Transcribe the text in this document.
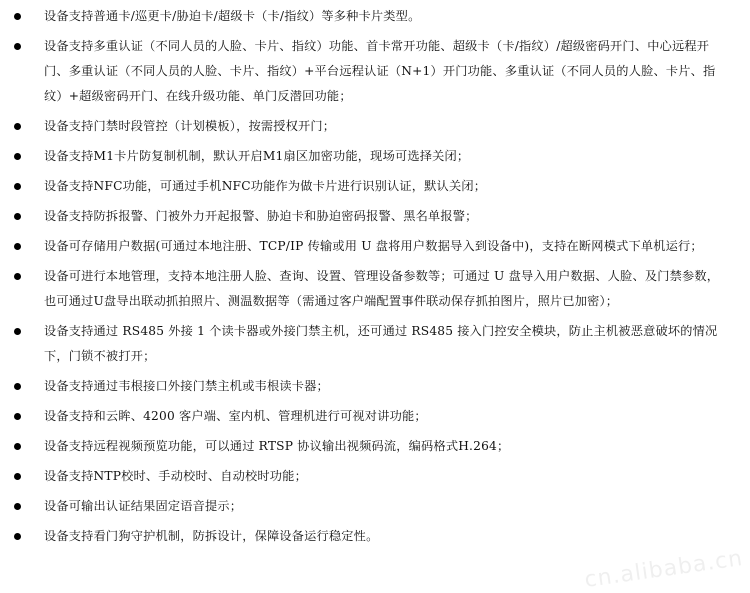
设备支持普通卡/巡更卡/胁迫卡/超级卡（卡/指纹）等多种卡片类型。
设备支持多重认证（不同人员的人脸、卡片、指纹）功能、首卡常开功能、超级卡（卡/指纹）/超级密码开门、中心远程开门、多重认证（不同人员的人脸、卡片、指纹）+平台远程认证（N+1）开门功能、多重认证（不同人员的人脸、卡片、指纹）+超级密码开门、在线升级功能、单门反潜回功能；
设备支持门禁时段管控（计划模板），按需授权开门；
设备支持M1卡片防复制机制，默认开启M1扇区加密功能，现场可选择关闭；
设备支持NFC功能，可通过手机NFC功能作为做卡片进行识别认证，默认关闭；
设备支持防拆报警、门被外力开起报警、胁迫卡和胁迫密码报警、黑名单报警；
设备可存储用户数据(可通过本地注册、TCP/IP 传输或用 U 盘将用户数据导入到设备中)，支持在断网模式下单机运行；
设备可进行本地管理，支持本地注册人脸、查询、设置、管理设备参数等；可通过 U 盘导入用户数据、人脸、及门禁参数，也可通过U盘导出联动抓拍照片、测温数据等（需通过客户端配置事件联动保存抓拍图片，照片已加密）；
设备支持通过 RS485 外接 1 个读卡器或外接门禁主机，还可通过 RS485 接入门控安全模块，防止主机被恶意破坏的情况下，门锁不被打开；
设备支持通过韦根接口外接门禁主机或韦根读卡器；
设备支持和云眸、4200 客户端、室内机、管理机进行可视对讲功能；
设备支持远程视频预览功能，可以通过 RTSP 协议输出视频码流，编码格式H.264；
设备支持NTP校时、手动校时、自动校时功能；
设备可输出认证结果固定语音提示；
设备支持看门狗守护机制，防拆设计，保障设备运行稳定性。
cn.alibaba.cn
